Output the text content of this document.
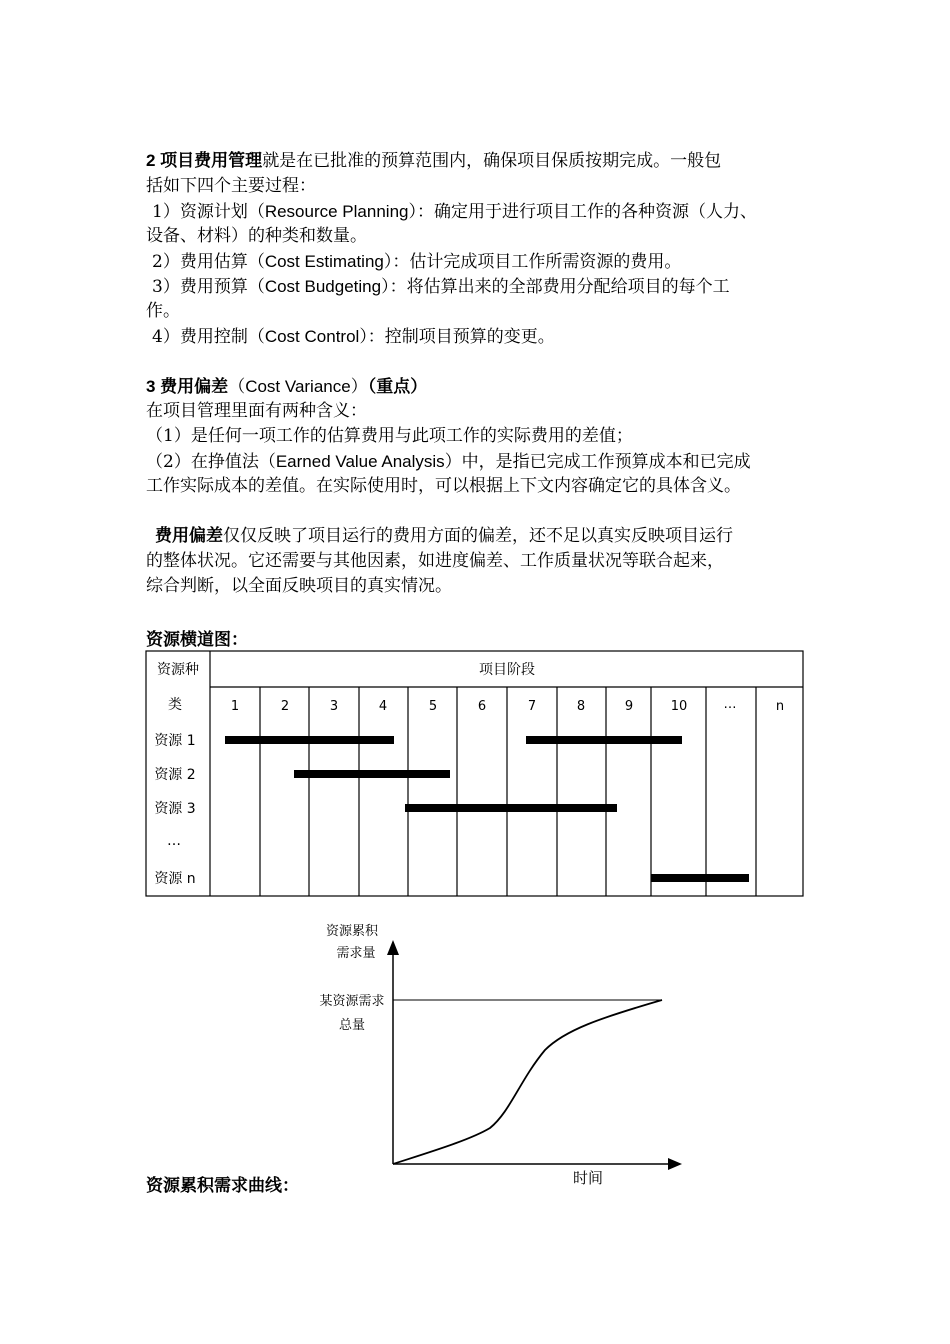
2 项目费用管理就是在已批准的预算范围内，确保项目保质按期完成。一般包
括如下四个主要过程：
1）资源计划（Resource Planning）：确定用于进行项目工作的各种资源（人力、
设备、材料）的种类和数量。
2）费用估算（Cost Estimating）：估计完成项目工作所需资源的费用。
3）费用预算（Cost Budgeting）：将估算出来的全部费用分配给项目的每个工
作。
4）费用控制（Cost Control）：控制项目预算的变更。
3 费用偏差（Cost Variance）（重点）
在项目管理里面有两种含义：
（1）是任何一项工作的估算费用与此项工作的实际费用的差值；
（2）在挣值法（Earned Value Analysis）中，是指已完成工作预算成本和已完成
工作实际成本的差值。在实际使用时，可以根据上下文内容确定它的具体含义。
费用偏差仅仅反映了项目运行的费用方面的偏差，还不足以真实反映项目运行
的整体状况。它还需要与其他因素，如进度偏差、工作质量状况等联合起来，
综合判断，以全面反映项目的真实情况。
资源横道图：
资源种
类
项目阶段
1	2	3	4	5	6	7	8	9	10	…	n
资源 1
资源 2
资源 3
…
资源 n
资源累积
需求量
某资源需求
总量
时间
资源累积需求曲线：
